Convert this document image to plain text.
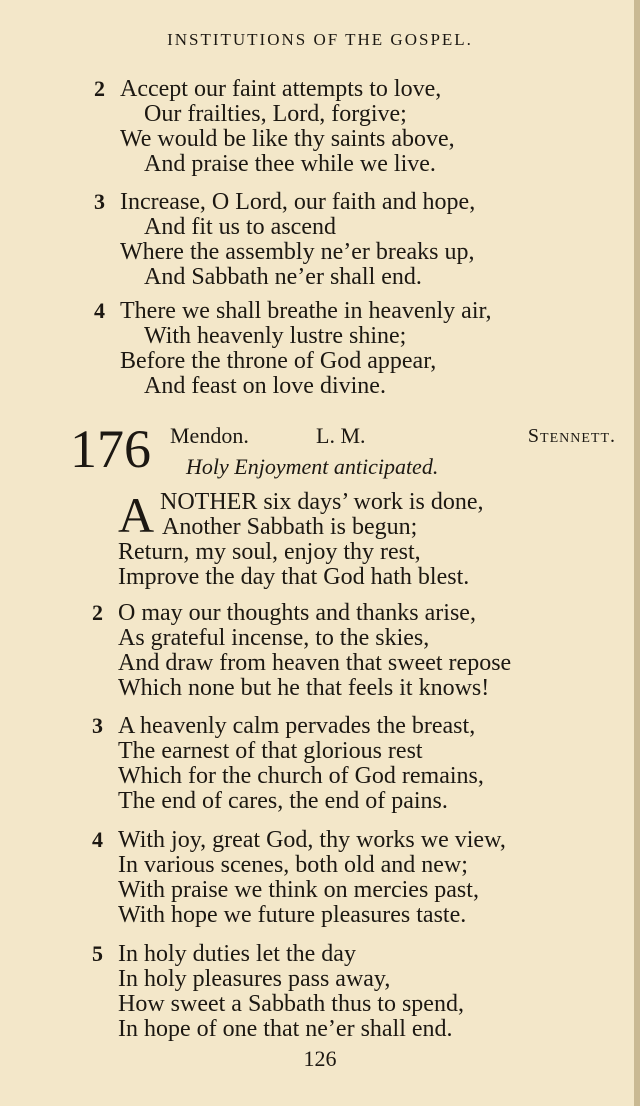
INSTITUTIONS OF THE GOSPEL.
2 Accept our faint attempts to love,
Our frailties, Lord, forgive;
We would be like thy saints above,
And praise thee while we live.
3 Increase, O Lord, our faith and hope,
And fit us to ascend
Where the assembly ne’er breaks up,
And Sabbath ne’er shall end.
4 There we shall breathe in heavenly air,
With heavenly lustre shine;
Before the throne of God appear,
And feast on love divine.
176 Mendon.	L. M.	Stennett.
Holy Enjoyment anticipated.
A NOTHER six days’ work is done,
Another Sabbath is begun;
Return, my soul, enjoy thy rest,
Improve the day that God hath blest.
2 O may our thoughts and thanks arise,
As grateful incense, to the skies,
And draw from heaven that sweet repose
Which none but he that feels it knows!
3 A heavenly calm pervades the breast,
The earnest of that glorious rest
Which for the church of God remains,
The end of cares, the end of pains.
4 With joy, great God, thy works we view,
In various scenes, both old and new;
With praise we think on mercies past,
With hope we future pleasures taste.
5 In holy duties let the day
In holy pleasures pass away,
How sweet a Sabbath thus to spend,
In hope of one that ne’er shall end.
126
